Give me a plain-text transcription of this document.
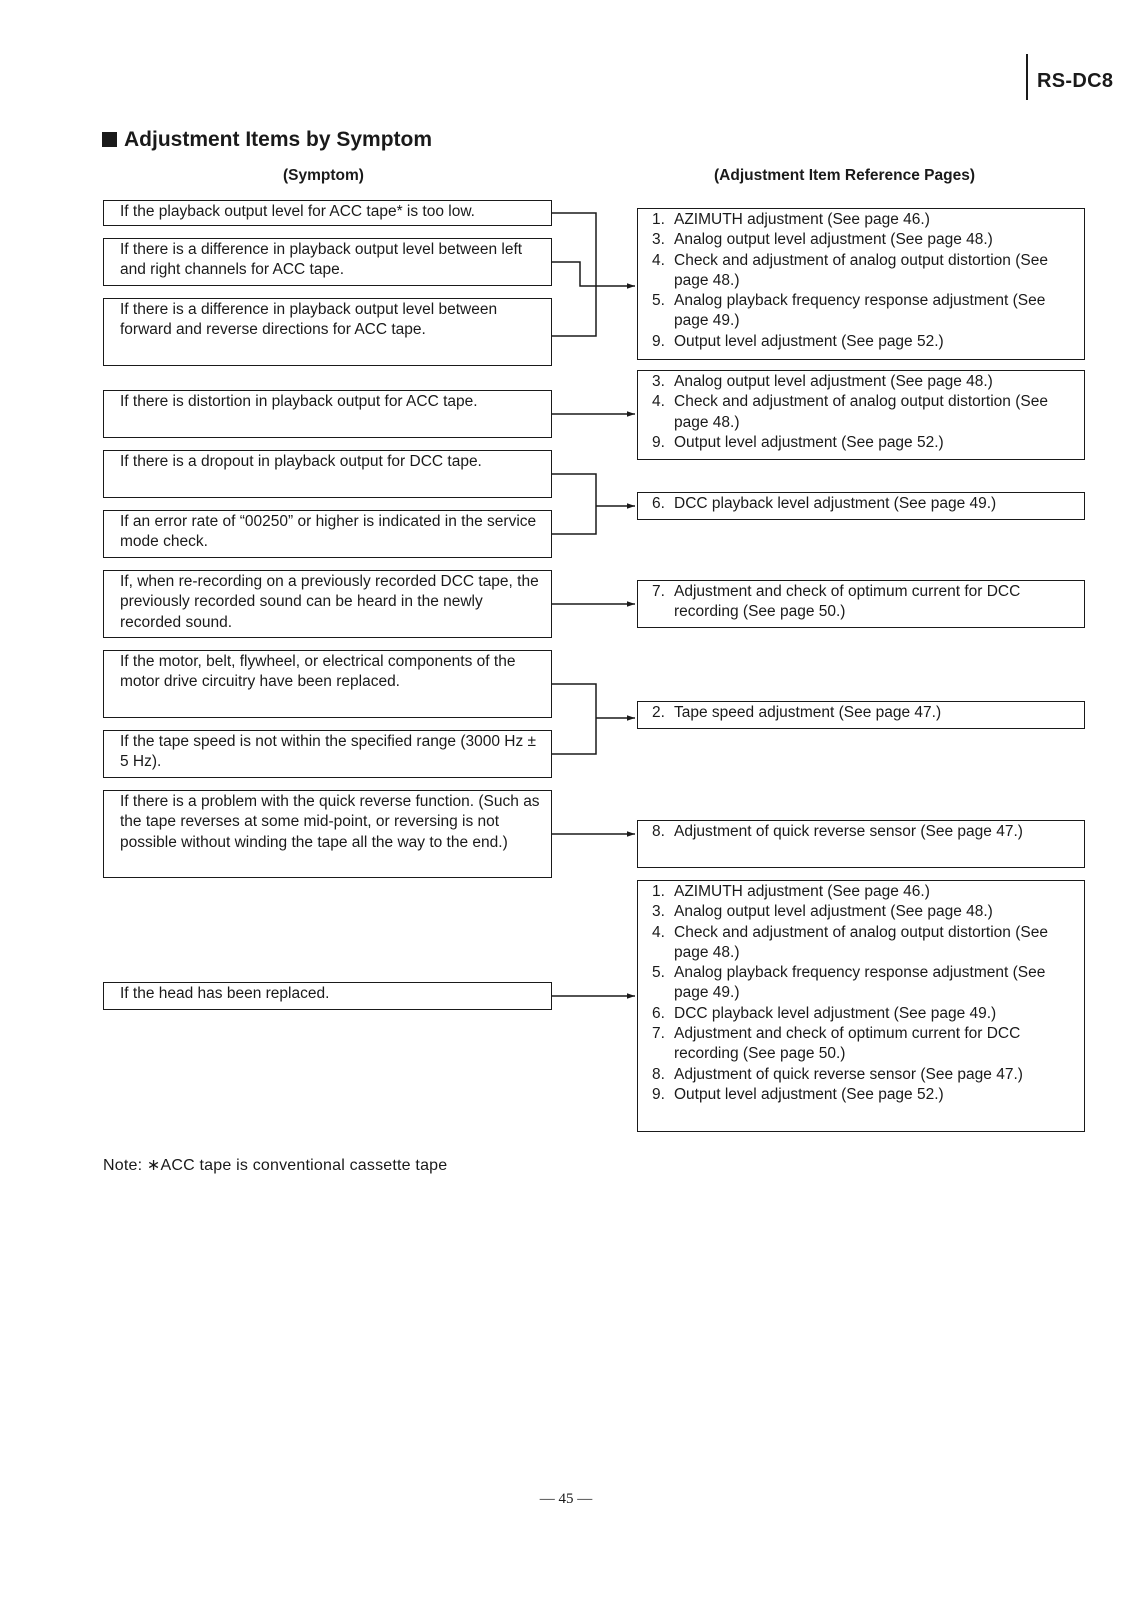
RS-DC8
Adjustment Items by Symptom
(Symptom)	(Adjustment Item Reference Pages)
If the playback output level for ACC tape* is too low.
If there is a difference in playback output level between left and right channels for ACC tape.
If there is a difference in playback output level between forward and reverse directions for ACC tape.
If there is distortion in playback output for ACC tape.
If there is a dropout in playback output for DCC tape.
If an error rate of “00250” or higher is indicated in the service mode check.
If, when re-recording on a previously recorded DCC tape, the previously recorded sound can be heard in the newly recorded sound.
If the motor, belt, flywheel, or electrical components of the motor drive circuitry have been replaced.
If the tape speed is not within the specified range (3000 Hz ± 5 Hz).
If there is a problem with the quick reverse function. (Such as the tape reverses at some mid-point, or reversing is not possible without winding the tape all the way to the end.)
If the head has been replaced.
1. AZIMUTH adjustment (See page 46.)
3. Analog output level adjustment (See page 48.)
4. Check and adjustment of analog output distortion (See page 48.)
5. Analog playback frequency response adjustment (See page 49.)
9. Output level adjustment (See page 52.)
3. Analog output level adjustment (See page 48.)
4. Check and adjustment of analog output distortion (See page 48.)
9. Output level adjustment (See page 52.)
6. DCC playback level adjustment (See page 49.)
7. Adjustment and check of optimum current for DCC recording (See page 50.)
2. Tape speed adjustment (See page 47.)
8. Adjustment of quick reverse sensor (See page 47.)
1. AZIMUTH adjustment (See page 46.)
3. Analog output level adjustment (See page 48.)
4. Check and adjustment of analog output distortion (See page 48.)
5. Analog playback frequency response adjustment (See page 49.)
6. DCC playback level adjustment (See page 49.)
7. Adjustment and check of optimum current for DCC recording (See page 50.)
8. Adjustment of quick reverse sensor (See page 47.)
9. Output level adjustment (See page 52.)
Note: ∗ACC tape is conventional cassette tape
— 45 —
